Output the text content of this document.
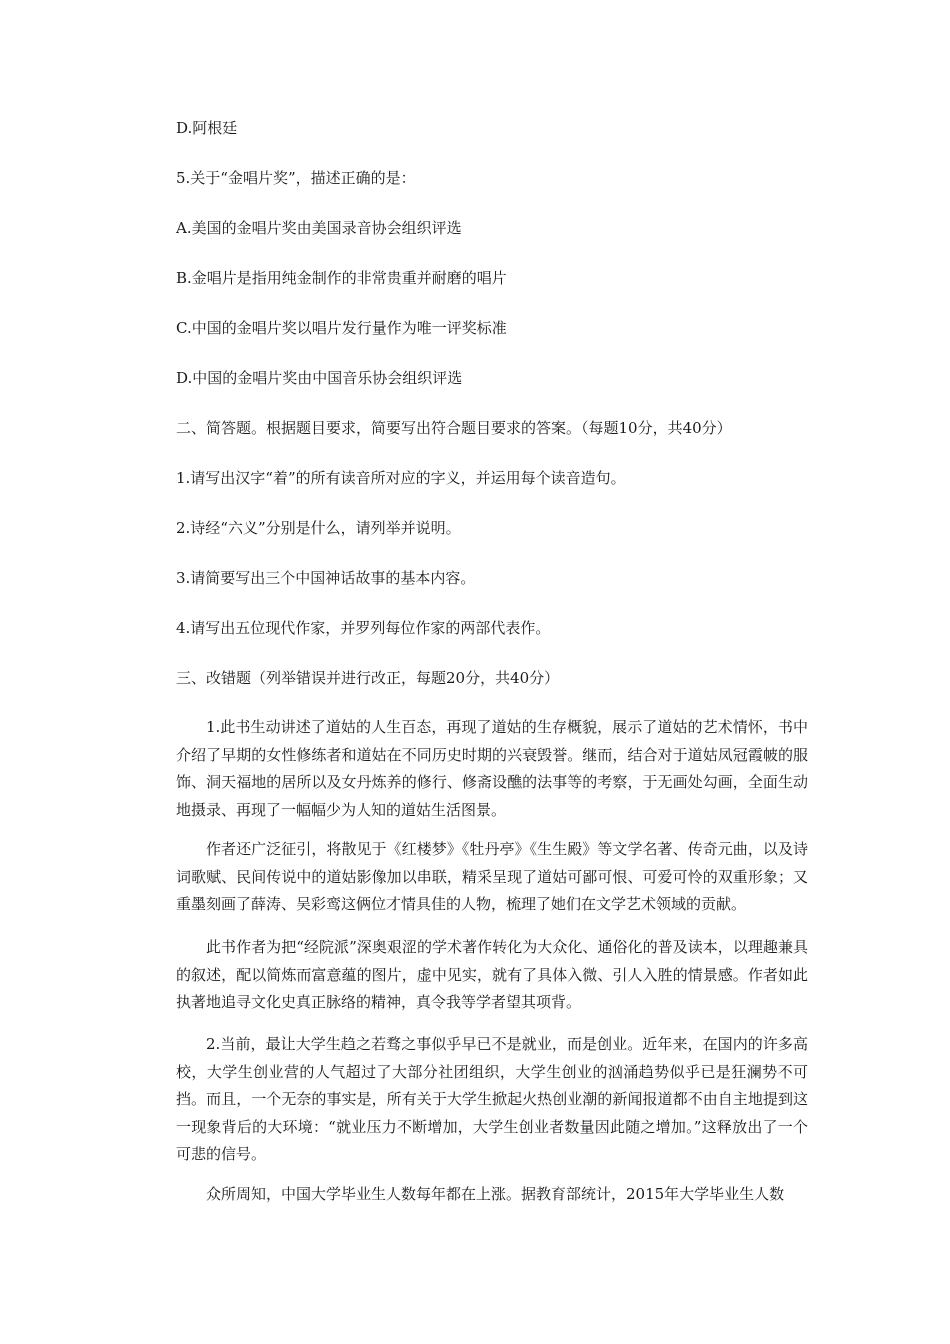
D.阿根廷
5.关于“金唱片奖”，描述正确的是：
A.美国的金唱片奖由美国录音协会组织评选
B.金唱片是指用纯金制作的非常贵重并耐磨的唱片
C.中国的金唱片奖以唱片发行量作为唯一评奖标准
D.中国的金唱片奖由中国音乐协会组织评选
二、简答题。根据题目要求，简要写出符合题目要求的答案。（每题10分，共40分）
1.请写出汉字“着”的所有读音所对应的字义，并运用每个读音造句。
2.诗经“六义”分别是什么，请列举并说明。
3.请简要写出三个中国神话故事的基本内容。
4.请写出五位现代作家，并罗列每位作家的两部代表作。
三、改错题（列举错误并进行改正，每题20分，共40分）

1.此书生动讲述了道姑的人生百态，再现了道姑的生存概貌，展示了道姑的艺术情怀，书中介绍了早期的女性修练者和道姑在不同历史时期的兴衰毁誉。继而，结合对于道姑凤冠霞帔的服饰、洞天福地的居所以及女丹炼养的修行、修斋设醮的法事等的考察，于无画处勾画，全面生动地摄录、再现了一幅幅少为人知的道姑生活图景。

作者还广泛征引，将散见于《红楼梦》《牡丹亭》《生生殿》等文学名著、传奇元曲，以及诗词歌赋、民间传说中的道姑影像加以串联，精采呈现了道姑可鄙可恨、可爱可怜的双重形象；又重墨刻画了薛涛、吴彩鸾这俩位才情具佳的人物，梳理了她们在文学艺术领域的贡献。

此书作者为把“经院派”深奥艰涩的学术著作转化为大众化、通俗化的普及读本，以理趣兼具的叙述，配以简炼而富意蕴的图片，虚中见实，就有了具体入微、引人入胜的情景感。作者如此执著地追寻文化史真正脉络的精神，真令我等学者望其项背。

2.当前，最让大学生趋之若骛之事似乎早已不是就业，而是创业。近年来，在国内的许多高校，大学生创业营的人气超过了大部分社团组织，大学生创业的汹涌趋势似乎已是狂澜势不可挡。而且，一个无奈的事实是，所有关于大学生掀起火热创业潮的新闻报道都不由自主地提到这一现象背后的大环境：“就业压力不断增加，大学生创业者数量因此随之增加。”这释放出了一个可悲的信号。

众所周知，中国大学毕业生人数每年都在上涨。据教育部统计，2015年大学毕业生人数
